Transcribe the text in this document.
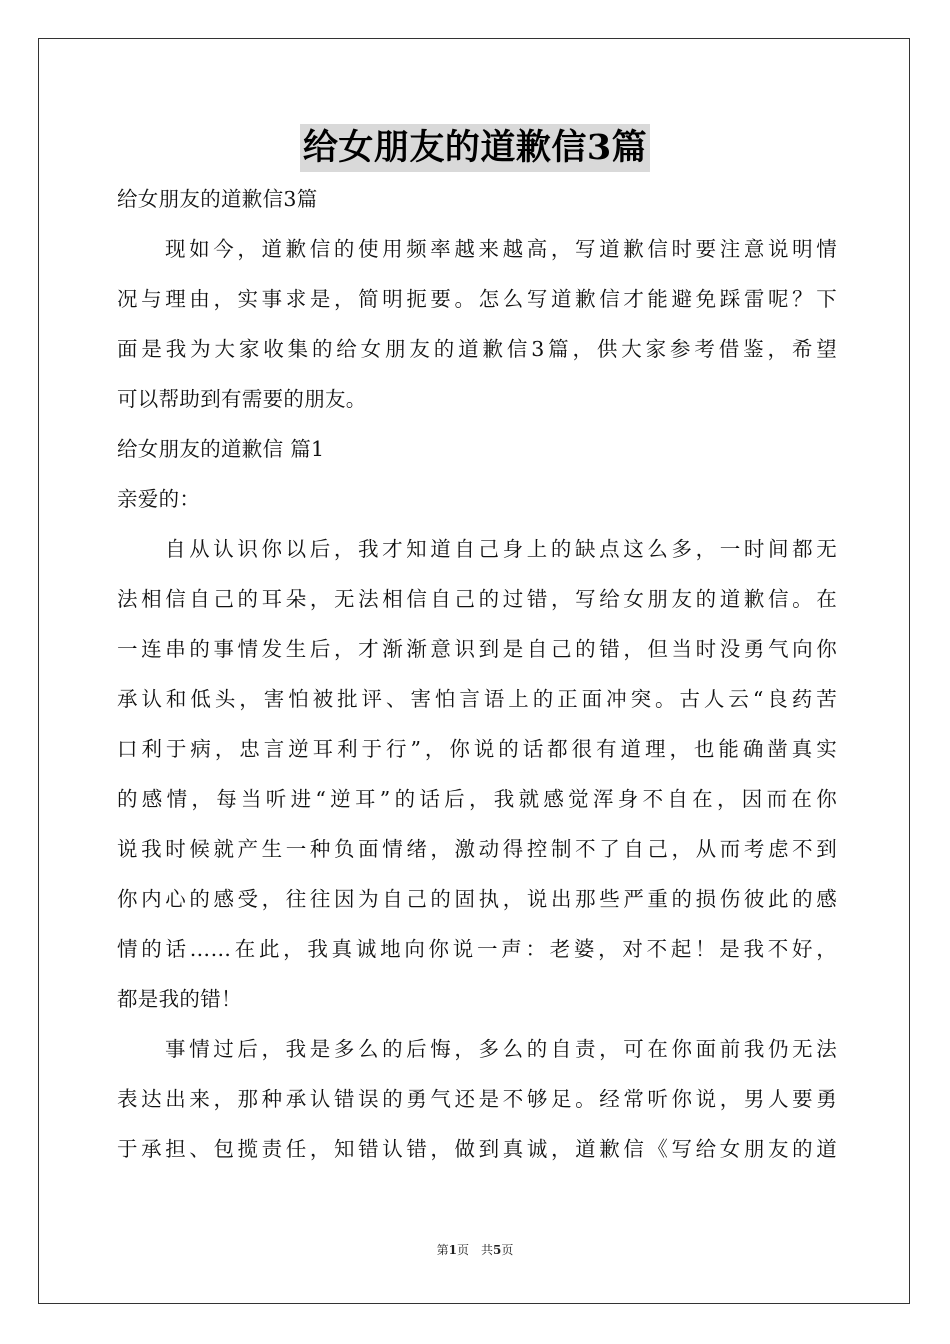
给女朋友的道歉信3篇
给女朋友的道歉信3篇
现如今，道歉信的使用频率越来越高，写道歉信时要注意说明情
况与理由，实事求是，简明扼要。怎么写道歉信才能避免踩雷呢？下
面是我为大家收集的给女朋友的道歉信3篇，供大家参考借鉴，希望
可以帮助到有需要的朋友。
给女朋友的道歉信 篇1
亲爱的：
自从认识你以后，我才知道自己身上的缺点这么多，一时间都无
法相信自己的耳朵，无法相信自己的过错，写给女朋友的道歉信。在
一连串的事情发生后，才渐渐意识到是自己的错，但当时没勇气向你
承认和低头，害怕被批评、害怕言语上的正面冲突。古人云“良药苦
口利于病，忠言逆耳利于行”，你说的话都很有道理，也能确凿真实
的感情，每当听进“逆耳”的话后，我就感觉浑身不自在，因而在你
说我时候就产生一种负面情绪，激动得控制不了自己，从而考虑不到
你内心的感受，往往因为自己的固执，说出那些严重的损伤彼此的感
情的话……在此，我真诚地向你说一声：老婆，对不起！是我不好，
都是我的错！
事情过后，我是多么的后悔，多么的自责，可在你面前我仍无法
表达出来，那种承认错误的勇气还是不够足。经常听你说，男人要勇
于承担、包揽责任，知错认错，做到真诚，道歉信《写给女朋友的道
第1页　共5页
